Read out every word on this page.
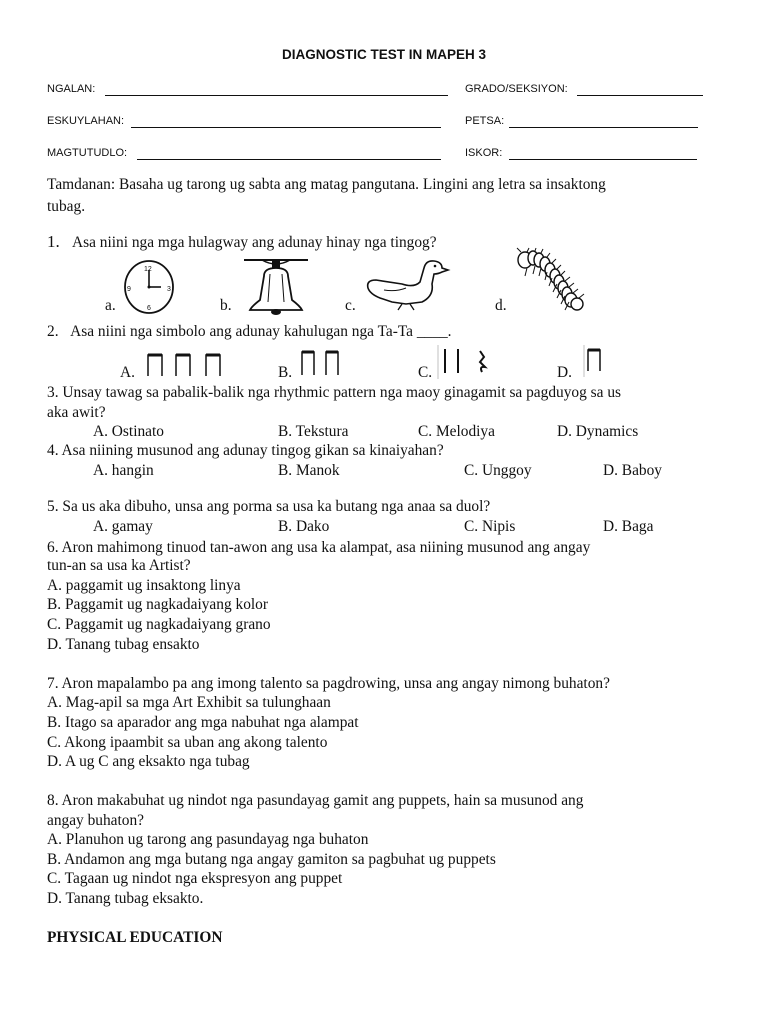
DIAGNOSTIC TEST IN MAPEH 3
NGALAN:	GRADO/SEKSIYON:
ESKUYLAHAN:	PETSA:
MAGTUTUDLO:	ISKOR:
Tamdanan: Basaha ug tarong ug sabta ang matag pangutana. Lingini ang letra sa insaktong
tubag.
1. Asa niini nga mga hulagway ang adunay hinay nga tingog?
a.	b.	c.	d.
12
3
6
9
2. Asa niini nga simbolo ang adunay kahulugan nga Ta-Ta ____.
A.	B.	C.	D.
3. Unsay tawag sa pabalik-balik nga rhythmic pattern nga maoy ginagamit sa pagduyog sa us
aka awit?
A. Ostinato	B. Tekstura	C. Melodiya	D. Dynamics
4. Asa niining musunod ang adunay tingog gikan sa kinaiyahan?
A. hangin	B. Manok	C. Unggoy	D. Baboy
5. Sa us aka dibuho, unsa ang porma sa usa ka butang nga anaa sa duol?
A. gamay	B. Dako	C. Nipis	D. Baga
6. Aron mahimong tinuod tan-awon ang usa ka alampat, asa niining musunod ang angay
tun-an sa usa ka Artist?
A. paggamit ug insaktong linya
B. Paggamit ug nagkadaiyang kolor
C. Paggamit ug nagkadaiyang grano
D. Tanang tubag ensakto
7. Aron mapalambo pa ang imong talento sa pagdrowing, unsa ang angay nimong buhaton?
A. Mag-apil sa mga Art Exhibit sa tulunghaan
B. Itago sa aparador ang mga nabuhat nga alampat
C. Akong ipaambit sa uban ang akong talento
D. A ug C ang eksakto nga tubag
8. Aron makabuhat ug nindot nga pasundayag gamit ang puppets, hain sa musunod ang
angay buhaton?
A. Planuhon ug tarong ang pasundayag nga buhaton
B. Andamon ang mga butang nga angay gamiton sa pagbuhat ug puppets
C. Tagaan ug nindot nga ekspresyon ang puppet
D. Tanang tubag eksakto.
PHYSICAL EDUCATION
